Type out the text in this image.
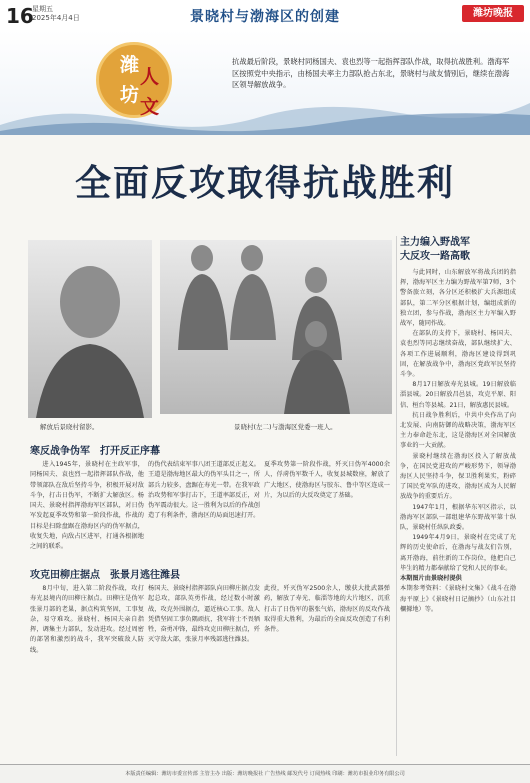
16
星期五
2025年4月4日	景晓村与渤海区的创建	潍坊晚报
潍
人
坊
文
抗战最后阶段，景晓村同杨国夫、袁也烈等一起指挥部队作战，取得抗战胜利。渤海军区按照党中央指示，由杨国夫率主力部队抢占东北，景晓村与战友情别后，继续在渤海区领导解放战争。
全面反攻取得抗战胜利
解放后景晓村留影。	景晓村(左二)与渤海区党委一班人。
主力编入野战军
大反攻一路高歌
与此同时，山东解放军将战兵团的指挥，渤海军区主力编为野战军第7师，3个警备旅立刻，各分区还积极扩大兵源组成部队，第二军分区根据计划，编组成新的独立团，参与作战，渤海区主力军编入野战军，随同作战。
在部队的支持下，景晓村、杨国夫、袁也烈等同志继续奋战，部队继续扩大、各项工作进展顺利，渤海区建设得到巩固，在解放战争中，渤海区党政军民坚持斗争。
8月17日解放寿光县城。19日解放临淄县城。20日解放昌邑县，攻克平原、阳信、桓台等县城。21日，解放惠民县城。
抗日战争胜利后，中共中央作出了向北发展、向南防御的战略决策，渤海军区主力奉命赴东北，这是渤海区对全国解放事业的一大贡献。
景晓村继续在渤海区投入了解放战争，在国民党进攻的严峻形势下，领导渤海区人民坚持斗争，保卫胜利果实，粉碎了国民党军队的进攻，渤海区成为人民解放战争的重要后方。
1947年1月，根据华东军区指示，以渤海军区部队一部组建华东野战军第十纵队，景晓村任纵队政委。
1949年4月9日，景晓村在完成了光辉的历史使命后，在渤海与战友们告别，离开渤海，前往新的工作岗位，他把自己毕生的精力都奉献给了党和人民的事业。
本期图片由景晓村提供
本期参考资料：《景晓村文集》《战斗在渤海平原上》《景晓村日记摘抄》（山东社目欄據地）等。
寒反战争伪军　打开反正序幕
进入1945年，景晓村在主政军事，同杨国夫、袁也烈一起指挥部队作战，他带领部队在敌后坚持斗争，积极开展对敌斗争，打击日伪军，不断扩大解放区。杨国夫、景晓村指挥渤海军区部队，对日伪军发起夏季攻势和第一阶段作战，作战的目标是扫除盘踞在渤海区内的伪军据点，收复失地，向敌占区进军，打通各根据地之间的联系。
的伪代表结束军事八团王道部反正起义。王道是渤海地区最大的伪军头目之一，所部兵力较多，盘踞在寿光一带。在我军政治攻势和军事打击下，王道率部反正，对伪军震动很大。这一胜利为以后的作战创造了有利条件，渤海区的局面迅速打开。
夏季攻势第一阶段作战，歼灭日伪军4000余人，俘虏伪军数千人，收复县城数座，解放了广大地区，使渤海区与胶东、鲁中等区连成一片，为以后的大反攻奠定了基础。
攻克田柳庄据点　张景月逃往潍县
8月中旬，进入第二阶段作战，攻打寿光县境内的田柳庄据点。田柳庄是伪军张景月部的老巢，据点构筑坚固，工事复杂，易守难攻。景晓村、杨国夫亲自指挥，调集主力部队，发动进攻。经过周密的部署和激烈的战斗，我军突破敌人防线。
杨国夫、景晓村指挥部队向田柳庄据点发起总攻，部队英勇作战，经过数小时激战，攻克外围据点，逼近核心工事。敌人凭借坚固工事负隅顽抗，我军将士不畏牺牲，奋勇冲锋，最终攻克田柳庄据点，歼灭守敌大部，张景月率残部逃往潍县。
此役，歼灭伪军2500余人，缴获大批武器弹药，解放了寿光、临淄等地的大片地区，沉重打击了日伪军的嚣张气焰，渤海区的反攻作战取得重大胜利，为最后的全面反攻创造了有利条件。
本版责任编辑：潍坊市委宣传部 主管主办 出版：潍坊晚报社 广告热线 邮发代号 订阅热线 印刷：潍坊市报业印务有限公司
